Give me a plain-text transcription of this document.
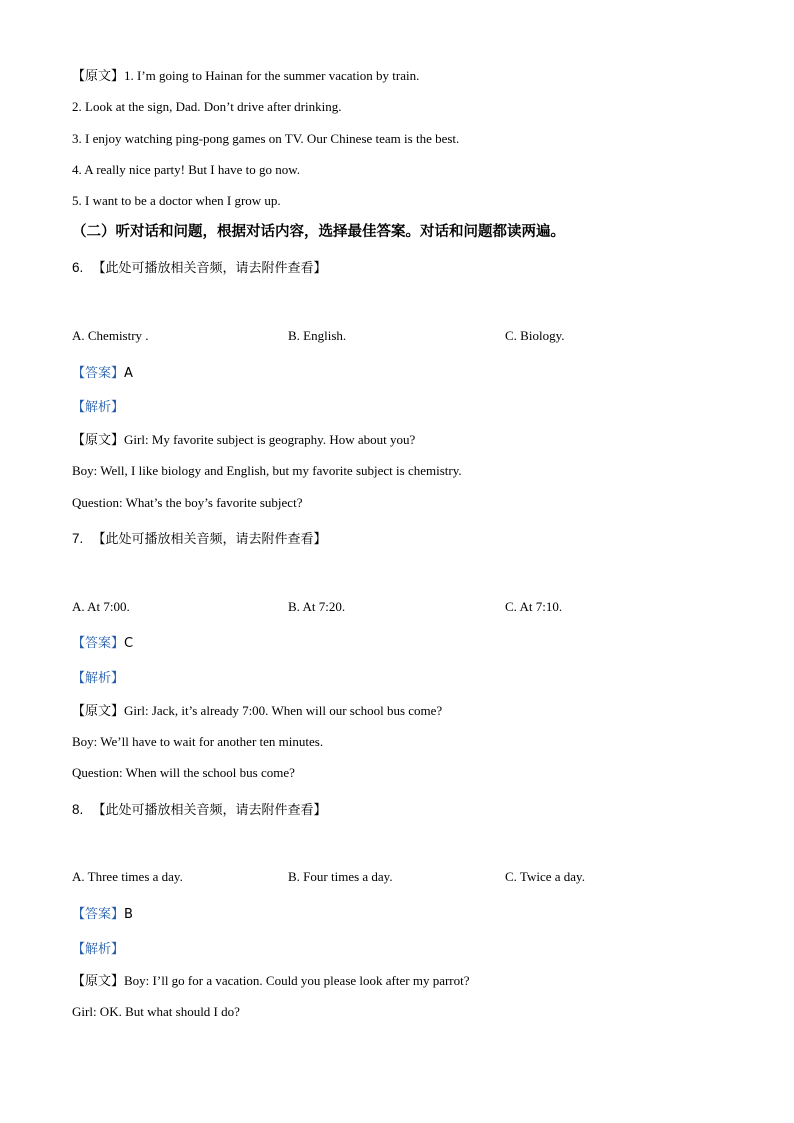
【原文】1. I’m going to Hainan for the summer vacation by train.
2. Look at the sign, Dad. Don’t drive after drinking.
3. I enjoy watching ping-pong games on TV. Our Chinese team is the best.
4. A really nice party! But I have to go now.
5. I want to be a doctor when I grow up.
（二）听对话和问题，根据对话内容，选择最佳答案。对话和问题都读两遍。
6. 【此处可播放相关音频，请去附件查看】
A. Chemistry .	B. English.	C. Biology.
【答案】A
【解析】
【原文】Girl: My favorite subject is geography. How about you?
Boy: Well, I like biology and English, but my favorite subject is chemistry.
Question: What’s the boy’s favorite subject?
7. 【此处可播放相关音频，请去附件查看】
A. At 7:00.	B. At 7:20.	C. At 7:10.
【答案】C
【解析】
【原文】Girl: Jack, it’s already 7:00. When will our school bus come?
Boy: We’ll have to wait for another ten minutes.
Question: When will the school bus come?
8. 【此处可播放相关音频，请去附件查看】
A. Three times a day.	B. Four times a day.	C. Twice a day.
【答案】B
【解析】
【原文】Boy: I’ll go for a vacation. Could you please look after my parrot?
Girl: OK. But what should I do?
